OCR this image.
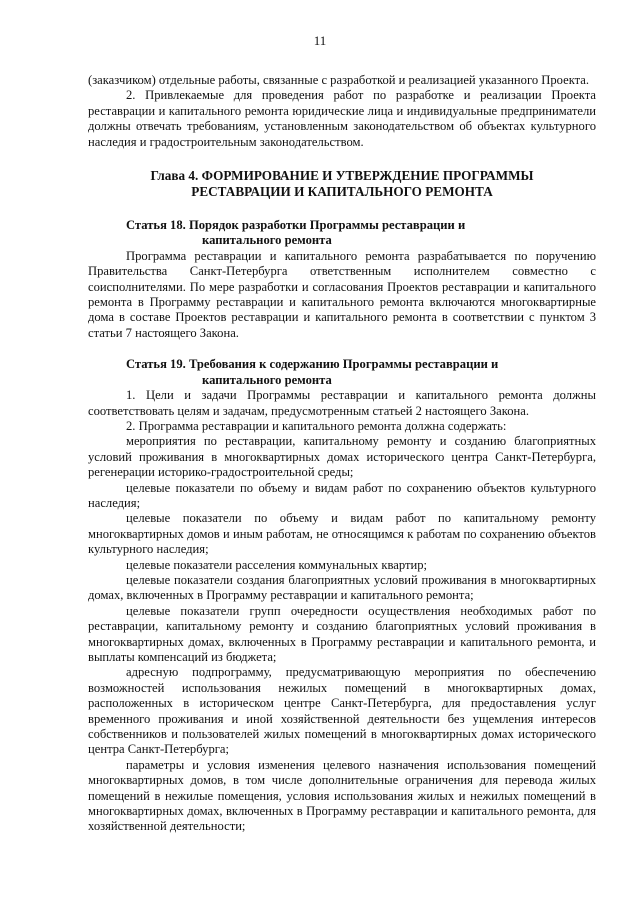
11

(заказчиком) отдельные работы, связанные с разработкой и реализацией указанного Проекта.

2. Привлекаемые для проведения работ по разработке и реализации Проекта реставрации и капитального ремонта юридические лица и индивидуальные предприниматели должны отвечать требованиям, установленным законодательством об объектах культурного наследия и градостроительным законодательством.

Глава 4. ФОРМИРОВАНИЕ И УТВЕРЖДЕНИЕ ПРОГРАММЫ
РЕСТАВРАЦИИ И КАПИТАЛЬНОГО РЕМОНТА

Статья 18. Порядок разработки Программы реставрации и
капитального ремонта

Программа реставрации и капитального ремонта разрабатывается по поручению Правительства Санкт-Петербурга ответственным исполнителем совместно с соисполнителями. По мере разработки и согласования Проектов реставрации и капитального ремонта в Программу реставрации и капитального ремонта включаются многоквартирные дома в составе Проектов реставрации и капитального ремонта в соответствии с пунктом 3 статьи 7 настоящего Закона.

Статья 19. Требования к содержанию Программы реставрации и
капитального ремонта

1. Цели и задачи Программы реставрации и капитального ремонта должны соответствовать целям и задачам, предусмотренным статьей 2 настоящего Закона.

2. Программа реставрации и капитального ремонта должна содержать:

мероприятия по реставрации, капитальному ремонту и созданию благоприятных условий проживания в многоквартирных домах исторического центра Санкт-Петербурга, регенерации историко-градостроительной среды;

целевые показатели по объему и видам работ по сохранению объектов культурного наследия;

целевые показатели по объему и видам работ по капитальному ремонту многоквартирных домов и иным работам, не относящимся к работам по сохранению объектов культурного наследия;

целевые показатели расселения коммунальных квартир;

целевые показатели создания благоприятных условий проживания в многоквартирных домах, включенных в Программу реставрации и капитального ремонта;

целевые показатели групп очередности осуществления необходимых работ по реставрации, капитальному ремонту и созданию благоприятных условий проживания в многоквартирных домах, включенных в Программу реставрации и капитального ремонта, и выплаты компенсаций из бюджета;

адресную подпрограмму, предусматривающую мероприятия по обеспечению возможностей использования нежилых помещений в многоквартирных домах, расположенных в историческом центре Санкт-Петербурга, для предоставления услуг временного проживания и иной хозяйственной деятельности без ущемления интересов собственников и пользователей жилых помещений в многоквартирных домах исторического центра Санкт-Петербурга;

параметры и условия изменения целевого назначения использования помещений многоквартирных домов, в том числе дополнительные ограничения для перевода жилых помещений в нежилые помещения, условия использования жилых и нежилых помещений в многоквартирных домах, включенных в Программу реставрации и капитального ремонта, для хозяйственной деятельности;
